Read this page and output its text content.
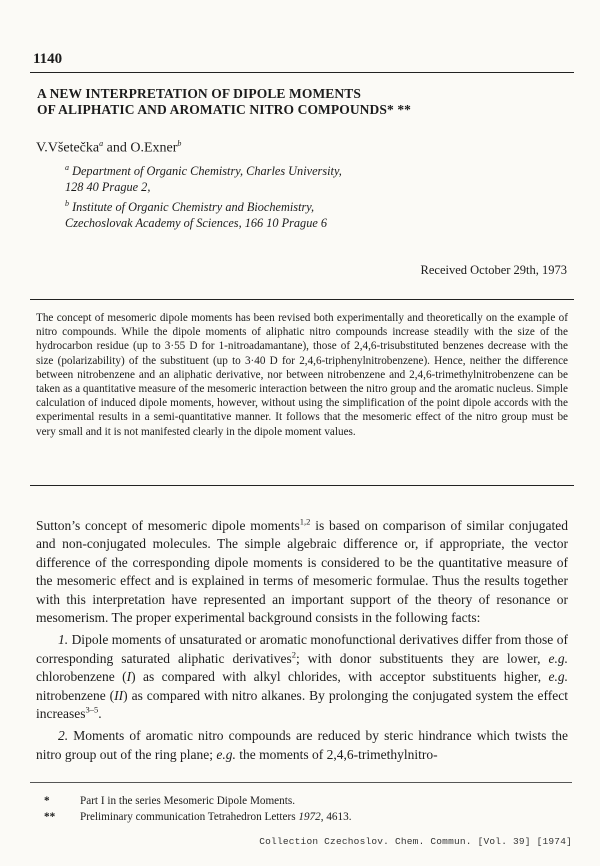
1140
A NEW INTERPRETATION OF DIPOLE MOMENTS
OF ALIPHATIC AND AROMATIC NITRO COMPOUNDS* **
V.Všetečka$^a$ and O.Exner$^b$
$^a$ Department of Organic Chemistry, Charles University,
128 40 Prague 2,
$^b$ Institute of Organic Chemistry and Biochemistry,
Czechoslovak Academy of Sciences, 166 10 Prague 6
Received October 29th, 1973
The concept of mesomeric dipole moments has been revised both experimentally and theoretically on the example of nitro compounds. While the dipole moments of aliphatic nitro compounds increase steadily with the size of the hydrocarbon residue (up to 3·55 D for 1-nitroadamantane), those of 2,4,6-trisubstituted benzenes decrease with the size (polarizability) of the substituent (up to 3·40 D for 2,4,6-triphenylnitrobenzene). Hence, neither the difference between nitrobenzene and an aliphatic derivative, nor between nitrobenzene and 2,4,6-trimethylnitrobenzene can be taken as a quantitative measure of the mesomeric interaction between the nitro group and the aromatic nucleus. Simple calculation of induced dipole moments, however, without using the simplification of the point dipole accords with the experimental results in a semi-quantitative manner. It follows that the mesomeric effect of the nitro group must be very small and it is not manifested clearly in the dipole moment values.

Sutton’s concept of mesomeric dipole moments$^{1,2}$ is based on comparison of similar conjugated and non-conjugated molecules. The simple algebraic difference or, if appropriate, the vector difference of the corresponding dipole moments is considered to be the quantitative measure of the mesomeric effect and is explained in terms of mesomeric formulae. Thus the results together with this interpretation have represented an important support of the theory of resonance or mesomerism. The proper experimental background consists in the following facts:

1. Dipole moments of unsaturated or aromatic monofunctional derivatives differ from those of corresponding saturated aliphatic derivatives$^2$; with donor substituents they are lower, e.g. chlorobenzene (I) as compared with alkyl chlorides, with acceptor substituents higher, e.g. nitrobenzene (II) as compared with nitro alkanes. By prolonging the conjugated system the effect increases$^{3-5}$.

2. Moments of aromatic nitro compounds are reduced by steric hindrance which twists the nitro group out of the ring plane; e.g. the moments of 2,4,6-trimethylnitro-

*	Part I in the series Mesomeric Dipole Moments.
**	Preliminary communication Tetrahedron Letters 1972, 4613.
Collection Czechoslov. Chem. Commun. [Vol. 39] [1974]
